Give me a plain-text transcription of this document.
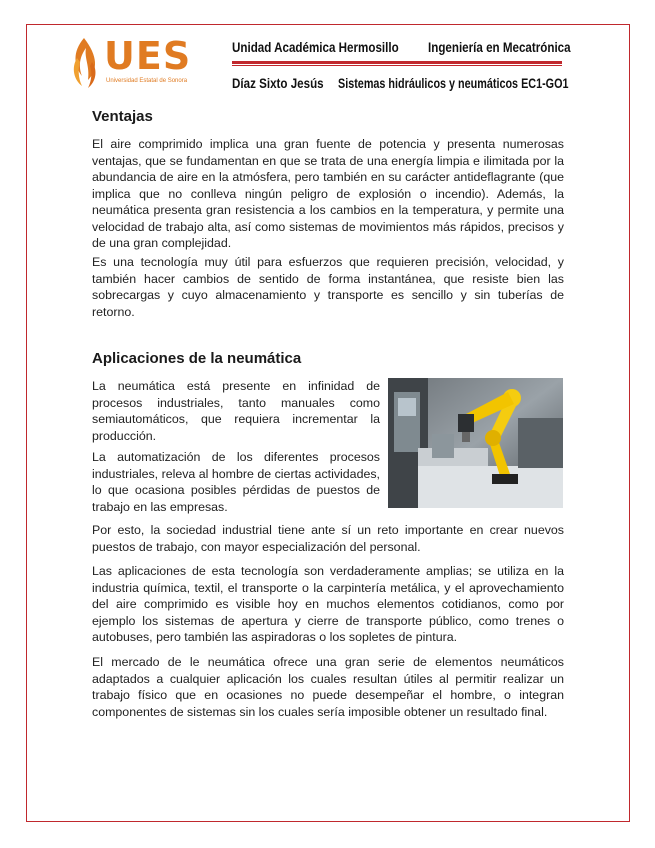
UES
Universidad Estatal de Sonora
Unidad Académica Hermosillo Ingeniería en Mecatrónica
Díaz Sixto Jesús Sistemas hidráulicos y neumáticos EC1-GO1
Ventajas

El aire comprimido implica una gran fuente de potencia y presenta numerosas ventajas, que se fundamentan en que se trata de una energía limpia e ilimitada por la abundancia de aire en la atmósfera, pero también en su carácter antideflagrante (que implica que no conlleva ningún peligro de explosión o incendio). Además, la neumática presenta gran resistencia a los cambios en la temperatura, y permite una velocidad de trabajo alta, así como sistemas de movimientos más rápidos, precisos y de una gran complejidad.

Es una tecnología muy útil para esfuerzos que requieren precisión, velocidad, y también hacer cambios de sentido de forma instantánea, que resiste bien las sobrecargas y cuyo almacenamiento y transporte es sencillo y sin tuberías de retorno.

Aplicaciones de la neumática

La neumática está presente en infinidad de procesos industriales, tanto manuales como semiautomáticos, que requiera incrementar la producción.

La automatización de los diferentes procesos industriales, releva al hombre de ciertas actividades, lo que ocasiona posibles pérdidas de puestos de trabajo en las empresas.

Por esto, la sociedad industrial tiene ante sí un reto importante en crear nuevos puestos de trabajo, con mayor especialización del personal.

Las aplicaciones de esta tecnología son verdaderamente amplias; se utiliza en la industria química, textil, el transporte o la carpintería metálica, y el aprovechamiento del aire comprimido es visible hoy en muchos elementos cotidianos, como por ejemplo los sistemas de apertura y cierre de transporte público, como trenes o autobuses, pero también las aspiradoras o los sopletes de pintura.

El mercado de le neumática ofrece una gran serie de elementos neumáticos adaptados a cualquier aplicación los cuales resultan útiles al permitir realizar un trabajo físico que en ocasiones no puede desempeñar el hombre, o integran componentes de sistemas sin los cuales sería imposible obtener un resultado final.
